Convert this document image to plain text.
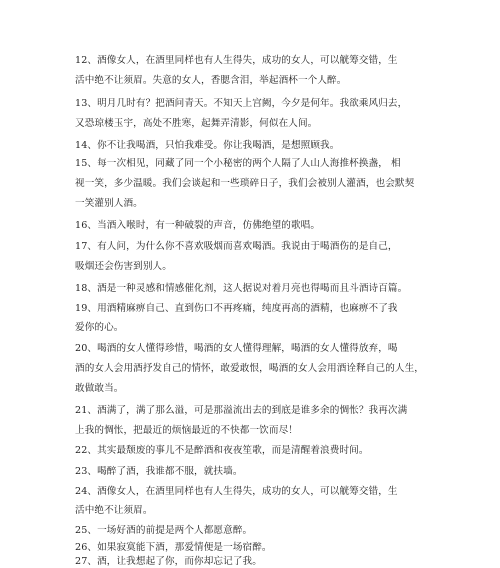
12、酒像女人，在酒里同样也有人生得失，成功的女人，可以觥筹交错，生
活中绝不让须眉。失意的女人，香腮含泪，举起酒杯一个人醉。
13、明月几时有？把酒问青天。不知天上宫阙，今夕是何年。我欲乘风归去，
又恐琼楼玉宇，高处不胜寒，起舞弄清影，何似在人间。
14、你不让我喝酒，只怕我难受。你让我喝酒，是想照顾我。
15、每一次相见，同藏了同一个小秘密的两个人隔了人山人海推杯换盏， 相
视一笑，多少温暖。我们会谈起和一些琐碎日子，我们会被别人灌酒，也会默契
一笑灌别人酒。
16、当酒入喉时，有一种破裂的声音，仿佛绝望的歌唱。
17、有人问，为什么你不喜欢吸烟而喜欢喝酒。我说由于喝酒伤的是自己，
吸烟还会伤害到别人。
18、酒是一种灵感和情感催化剂，这人据说对着月亮也得喝而且斗酒诗百篇。
19、用酒精麻痹自己、直到伤口不再疼痛，纯度再高的酒精，也麻痹不了我
爱你的心。
20、喝酒的女人懂得珍惜，喝酒的女人懂得理解，喝酒的女人懂得放弃，喝
酒的女人会用酒抒发自己的情怀，敢爱敢恨，喝酒的女人会用酒诠释自己的人生，
敢做敢当。
21、酒满了，满了那么溢，可是那溢流出去的到底是谁多余的惆怅？我再次满
上我的惆怅，把最近的烦恼最近的不快都一饮而尽！
22、其实最颓废的事儿不是醉酒和夜夜笙歌，而是清醒着浪费时间。
23、喝醉了酒，我谁都不服，就扶墙。
24、酒像女人，在酒里同样也有人生得失，成功的女人，可以觥筹交错，生
活中绝不让须眉。
25、一场好酒的前提是两个人都愿意醉。
26、如果寂寞能下酒，那爱情便是一场宿醉。
27、酒，让我想起了你，而你却忘记了我。
